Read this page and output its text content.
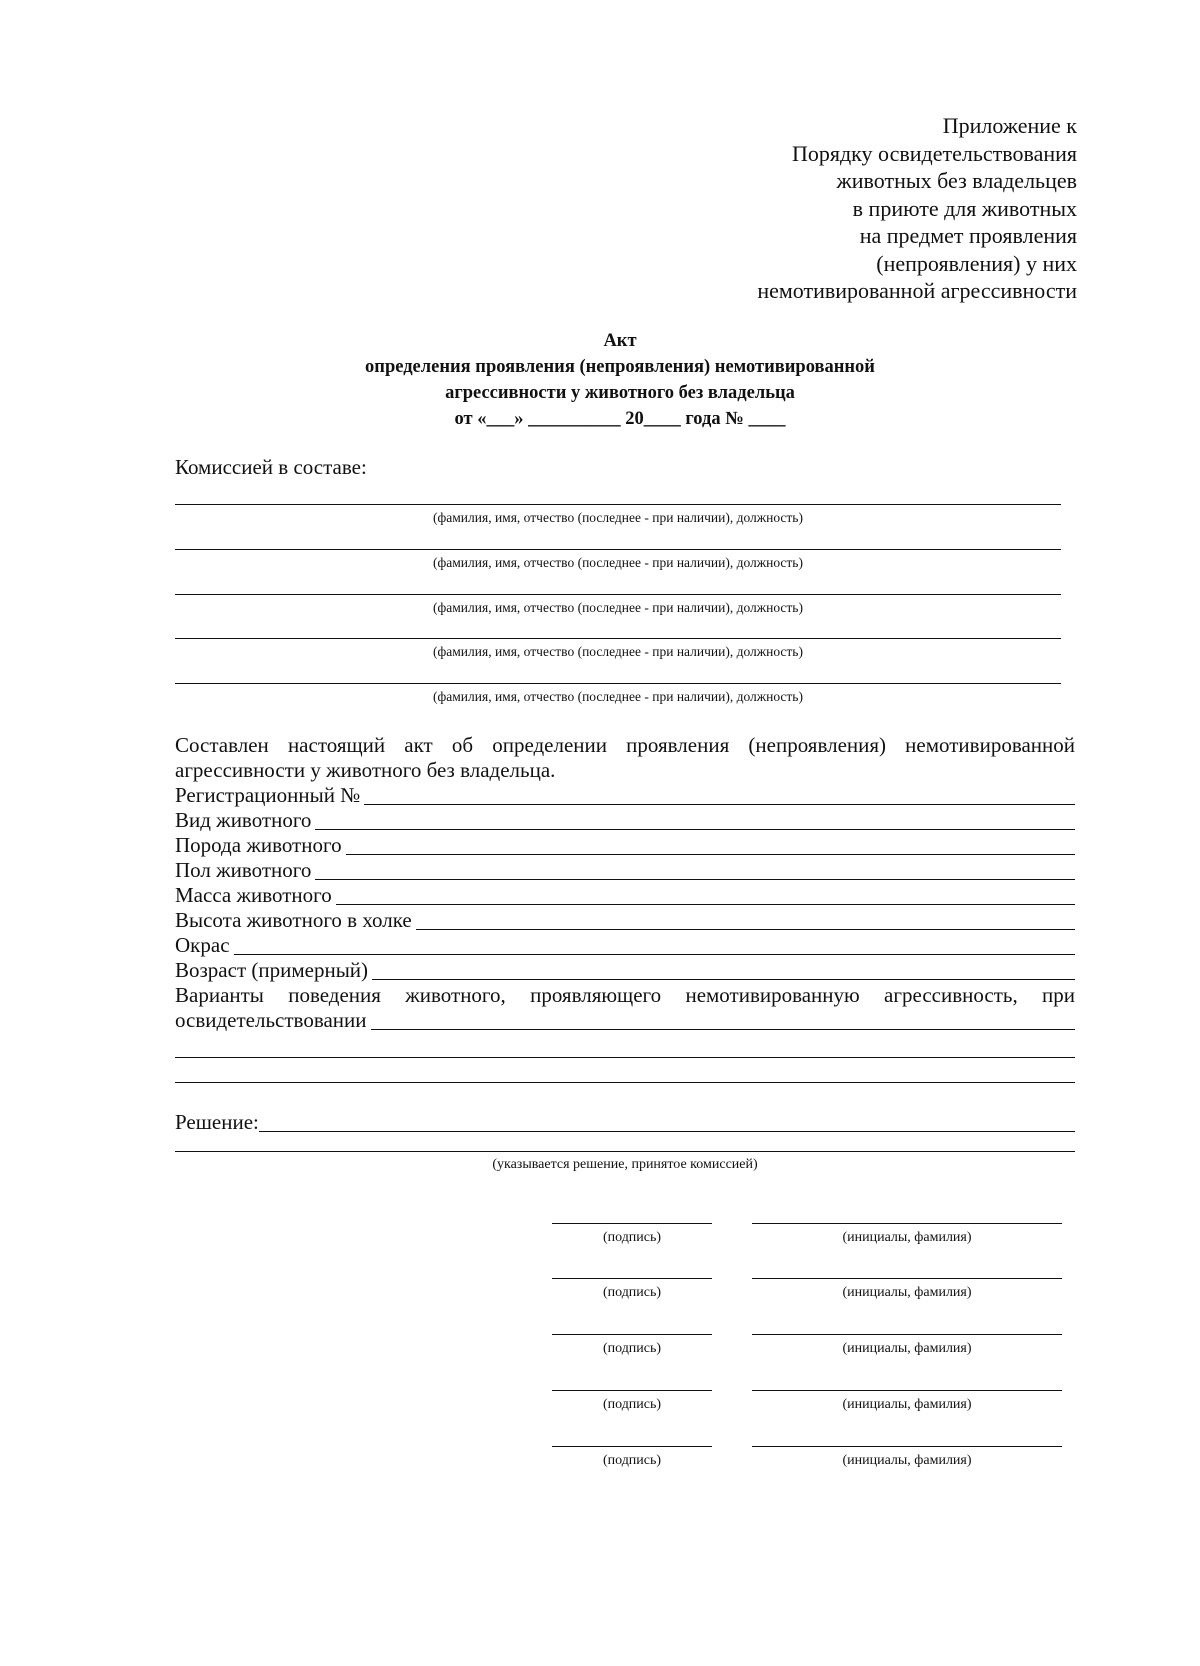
Приложение к
Порядку освидетельствования
животных без владельцев
в приюте для животных
на предмет проявления
(непроявления) у них
немотивированной агрессивности
Акт
определения проявления (непроявления) немотивированной
агрессивности у животного без владельца
от «___» __________ 20____ года № ____
Комиссией в составе:
(фамилия, имя, отчество (последнее - при наличии), должность)
(фамилия, имя, отчество (последнее - при наличии), должность)
(фамилия, имя, отчество (последнее - при наличии), должность)
(фамилия, имя, отчество (последнее - при наличии), должность)
(фамилия, имя, отчество (последнее - при наличии), должность)
Составлен настоящий акт об определении проявления (непроявления) немотивированной
агрессивности у животного без владельца.
Регистрационный №
Вид животного
Порода животного
Пол животного
Масса животного
Высота животного в холке
Окрас
Возраст (примерный)
Варианты поведения животного, проявляющего немотивированную агрессивность, при
освидетельствовании
Решение:
(указывается решение, принятое комиссией)
(подпись)	(инициалы, фамилия)
(подпись)	(инициалы, фамилия)
(подпись)	(инициалы, фамилия)
(подпись)	(инициалы, фамилия)
(подпись)	(инициалы, фамилия)
